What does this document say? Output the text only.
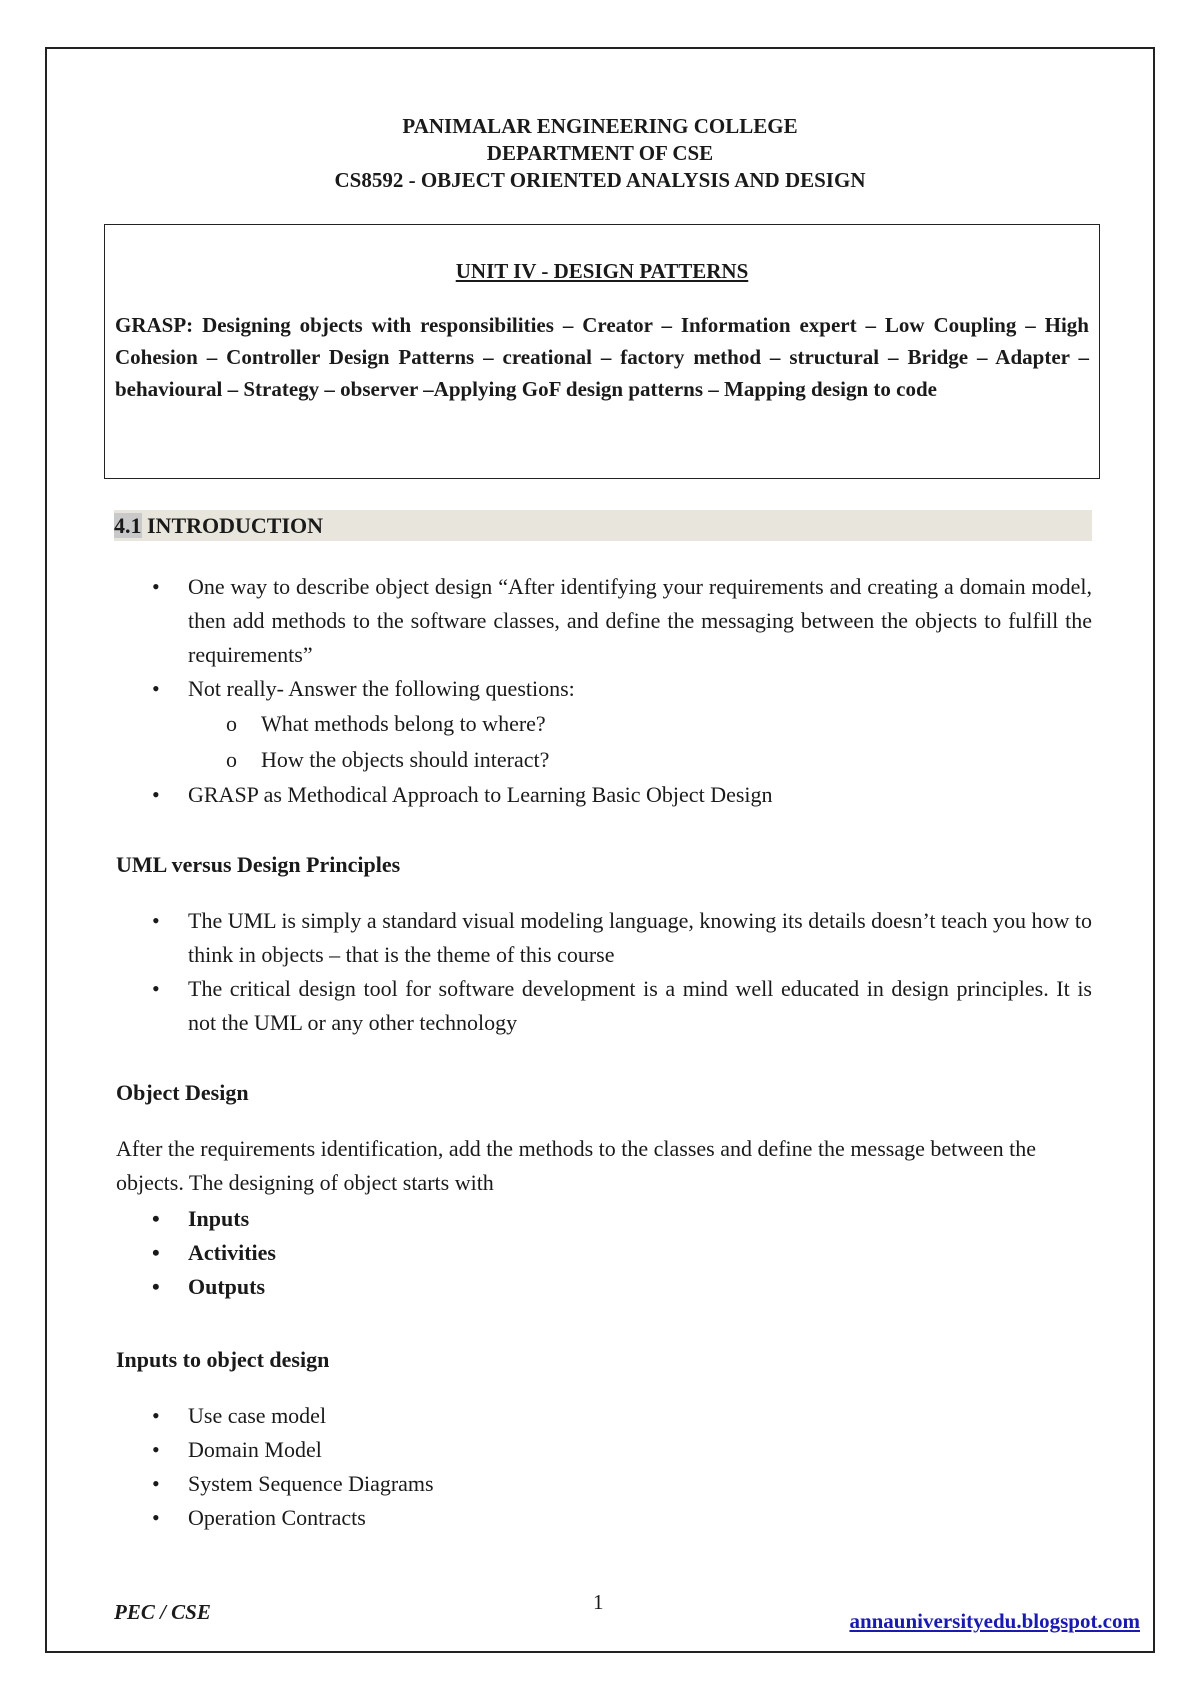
PANIMALAR ENGINEERING COLLEGE
DEPARTMENT OF CSE
CS8592 - OBJECT ORIENTED ANALYSIS AND DESIGN
UNIT IV - DESIGN PATTERNS
GRASP: Designing objects with responsibilities – Creator – Information expert – Low Coupling – High Cohesion – Controller Design Patterns – creational – factory method – structural – Bridge – Adapter – behavioural – Strategy – observer –Applying GoF design patterns – Mapping design to code
4.1 INTRODUCTION
• One way to describe object design “After identifying your requirements and creating a domain model, then add methods to the software classes, and define the messaging between the objects to fulfill the requirements”
• Not really- Answer the following questions:
o What methods belong to where?
o How the objects should interact?
• GRASP as Methodical Approach to Learning Basic Object Design
UML versus Design Principles
• The UML is simply a standard visual modeling language, knowing its details doesn’t teach you how to think in objects – that is the theme of this course
• The critical design tool for software development is a mind well educated in design principles. It is not the UML or any other technology
Object Design
After the requirements identification, add the methods to the classes and define the message between the objects. The designing of object starts with
• Inputs
• Activities
• Outputs
Inputs to object design
• Use case model
• Domain Model
• System Sequence Diagrams
• Operation Contracts
PEC / CSE	1
annauniversityedu.blogspot.com
